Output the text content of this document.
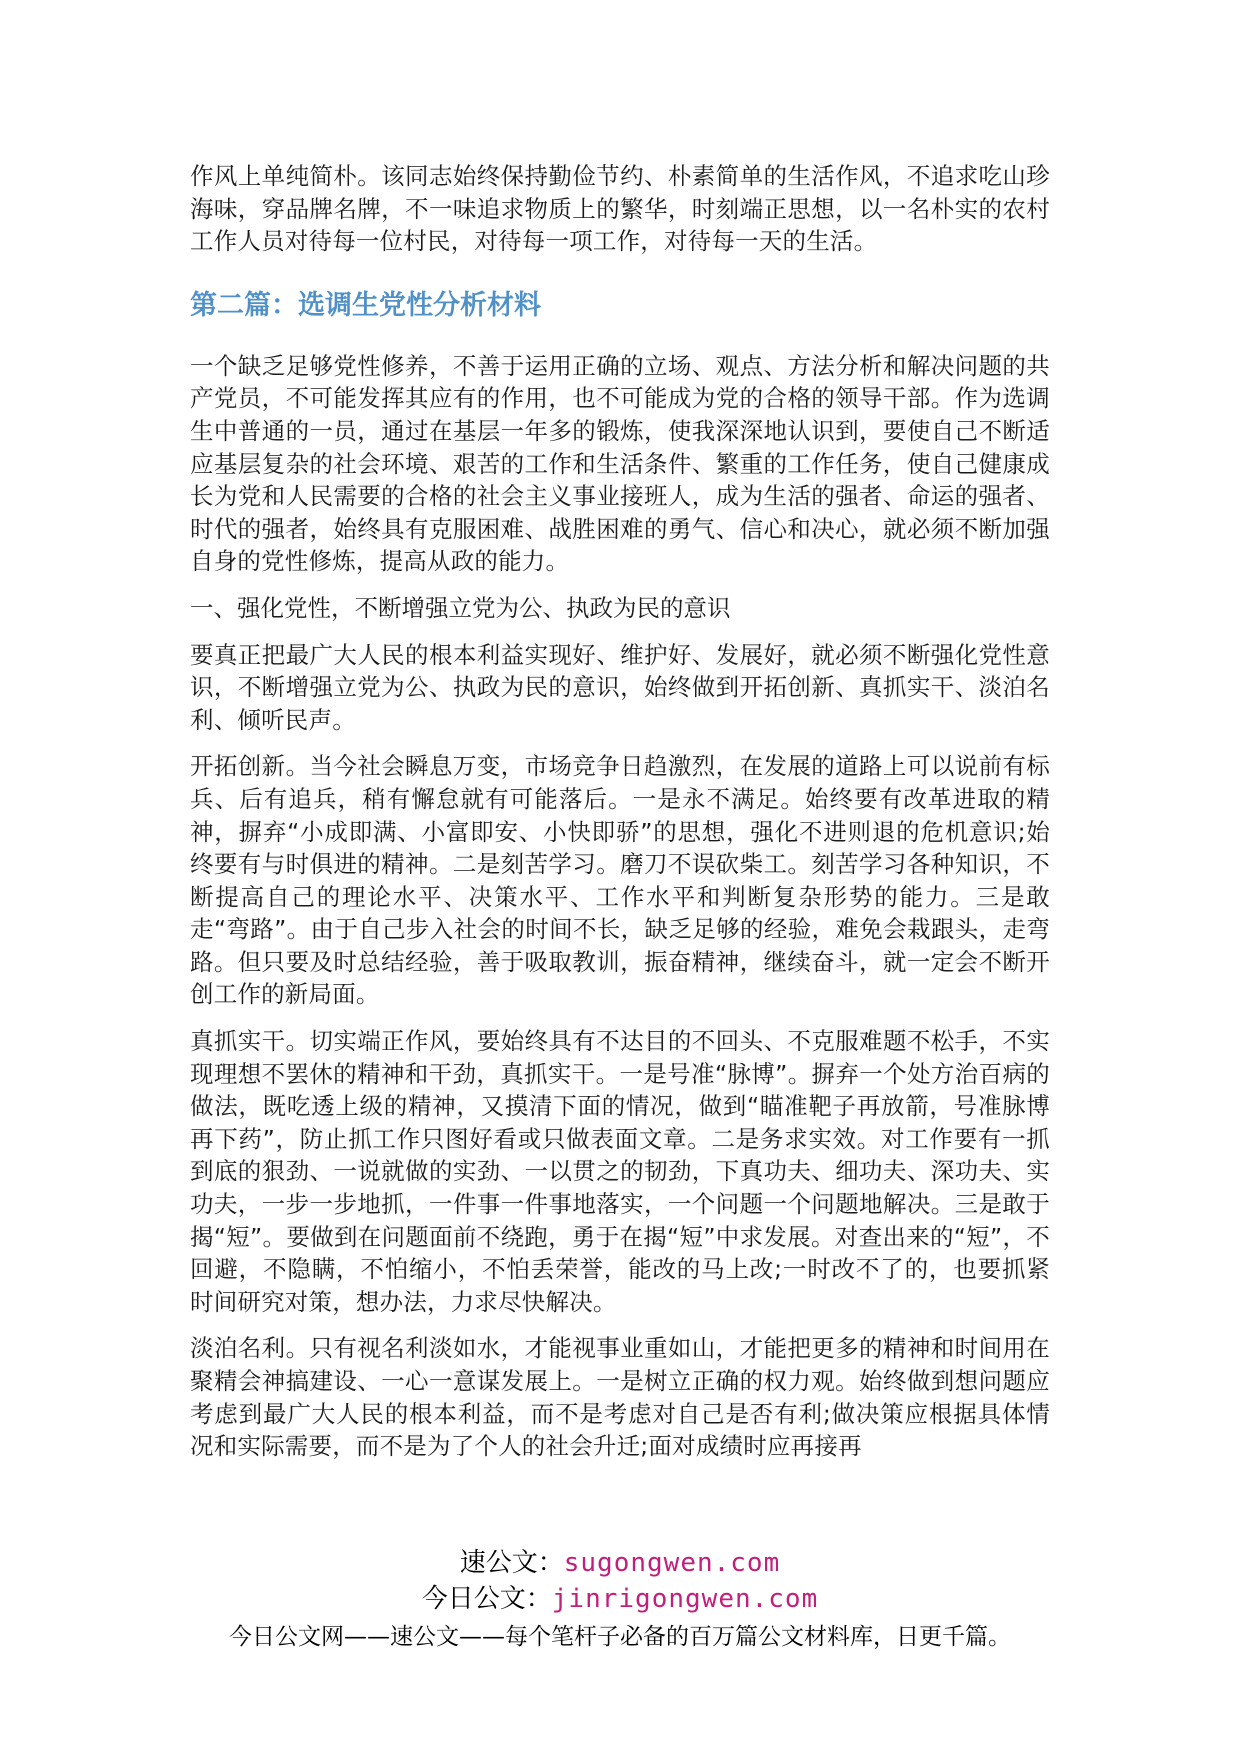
作风上单纯简朴。该同志始终保持勤俭节约、朴素简单的生活作风，不追求吃山珍海味，穿品牌名牌，不一味追求物质上的繁华，时刻端正思想，以一名朴实的农村工作人员对待每一位村民，对待每一项工作，对待每一天的生活。

第二篇：选调生党性分析材料

一个缺乏足够党性修养，不善于运用正确的立场、观点、方法分析和解决问题的共产党员，不可能发挥其应有的作用，也不可能成为党的合格的领导干部。作为选调生中普通的一员，通过在基层一年多的锻炼，使我深深地认识到，要使自己不断适应基层复杂的社会环境、艰苦的工作和生活条件、繁重的工作任务，使自己健康成长为党和人民需要的合格的社会主义事业接班人，成为生活的强者、命运的强者、时代的强者，始终具有克服困难、战胜困难的勇气、信心和决心，就必须不断加强自身的党性修炼，提高从政的能力。

一、强化党性，不断增强立党为公、执政为民的意识

要真正把最广大人民的根本利益实现好、维护好、发展好，就必须不断强化党性意识，不断增强立党为公、执政为民的意识，始终做到开拓创新、真抓实干、淡泊名利、倾听民声。

开拓创新。当今社会瞬息万变，市场竞争日趋激烈，在发展的道路上可以说前有标兵、后有追兵，稍有懈怠就有可能落后。一是永不满足。始终要有改革进取的精神，摒弃“小成即满、小富即安、小快即骄”的思想，强化不进则退的危机意识;始终要有与时俱进的精神。二是刻苦学习。磨刀不误砍柴工。刻苦学习各种知识，不断提高自己的理论水平、决策水平、工作水平和判断复杂形势的能力。三是敢走“弯路”。由于自己步入社会的时间不长，缺乏足够的经验，难免会栽跟头，走弯路。但只要及时总结经验，善于吸取教训，振奋精神，继续奋斗，就一定会不断开创工作的新局面。

真抓实干。切实端正作风，要始终具有不达目的不回头、不克服难题不松手，不实现理想不罢休的精神和干劲，真抓实干。一是号准“脉博”。摒弃一个处方治百病的做法，既吃透上级的精神，又摸清下面的情况，做到“瞄准靶子再放箭，号准脉博再下药”，防止抓工作只图好看或只做表面文章。二是务求实效。对工作要有一抓到底的狠劲、一说就做的实劲、一以贯之的韧劲，下真功夫、细功夫、深功夫、实功夫，一步一步地抓，一件事一件事地落实，一个问题一个问题地解决。三是敢于揭“短”。要做到在问题面前不绕跑，勇于在揭“短”中求发展。对查出来的“短”，不回避，不隐瞒，不怕缩小，不怕丢荣誉，能改的马上改;一时改不了的，也要抓紧时间研究对策，想办法，力求尽快解决。

淡泊名利。只有视名利淡如水，才能视事业重如山，才能把更多的精神和时间用在聚精会神搞建设、一心一意谋发展上。一是树立正确的权力观。始终做到想问题应考虑到最广大人民的根本利益，而不是考虑对自己是否有利;做决策应根据具体情况和实际需要，而不是为了个人的社会升迁;面对成绩时应再接再

速公文：sugongwen.com
今日公文：jinrigongwen.com
今日公文网——速公文——每个笔杆子必备的百万篇公文材料库，日更千篇。
